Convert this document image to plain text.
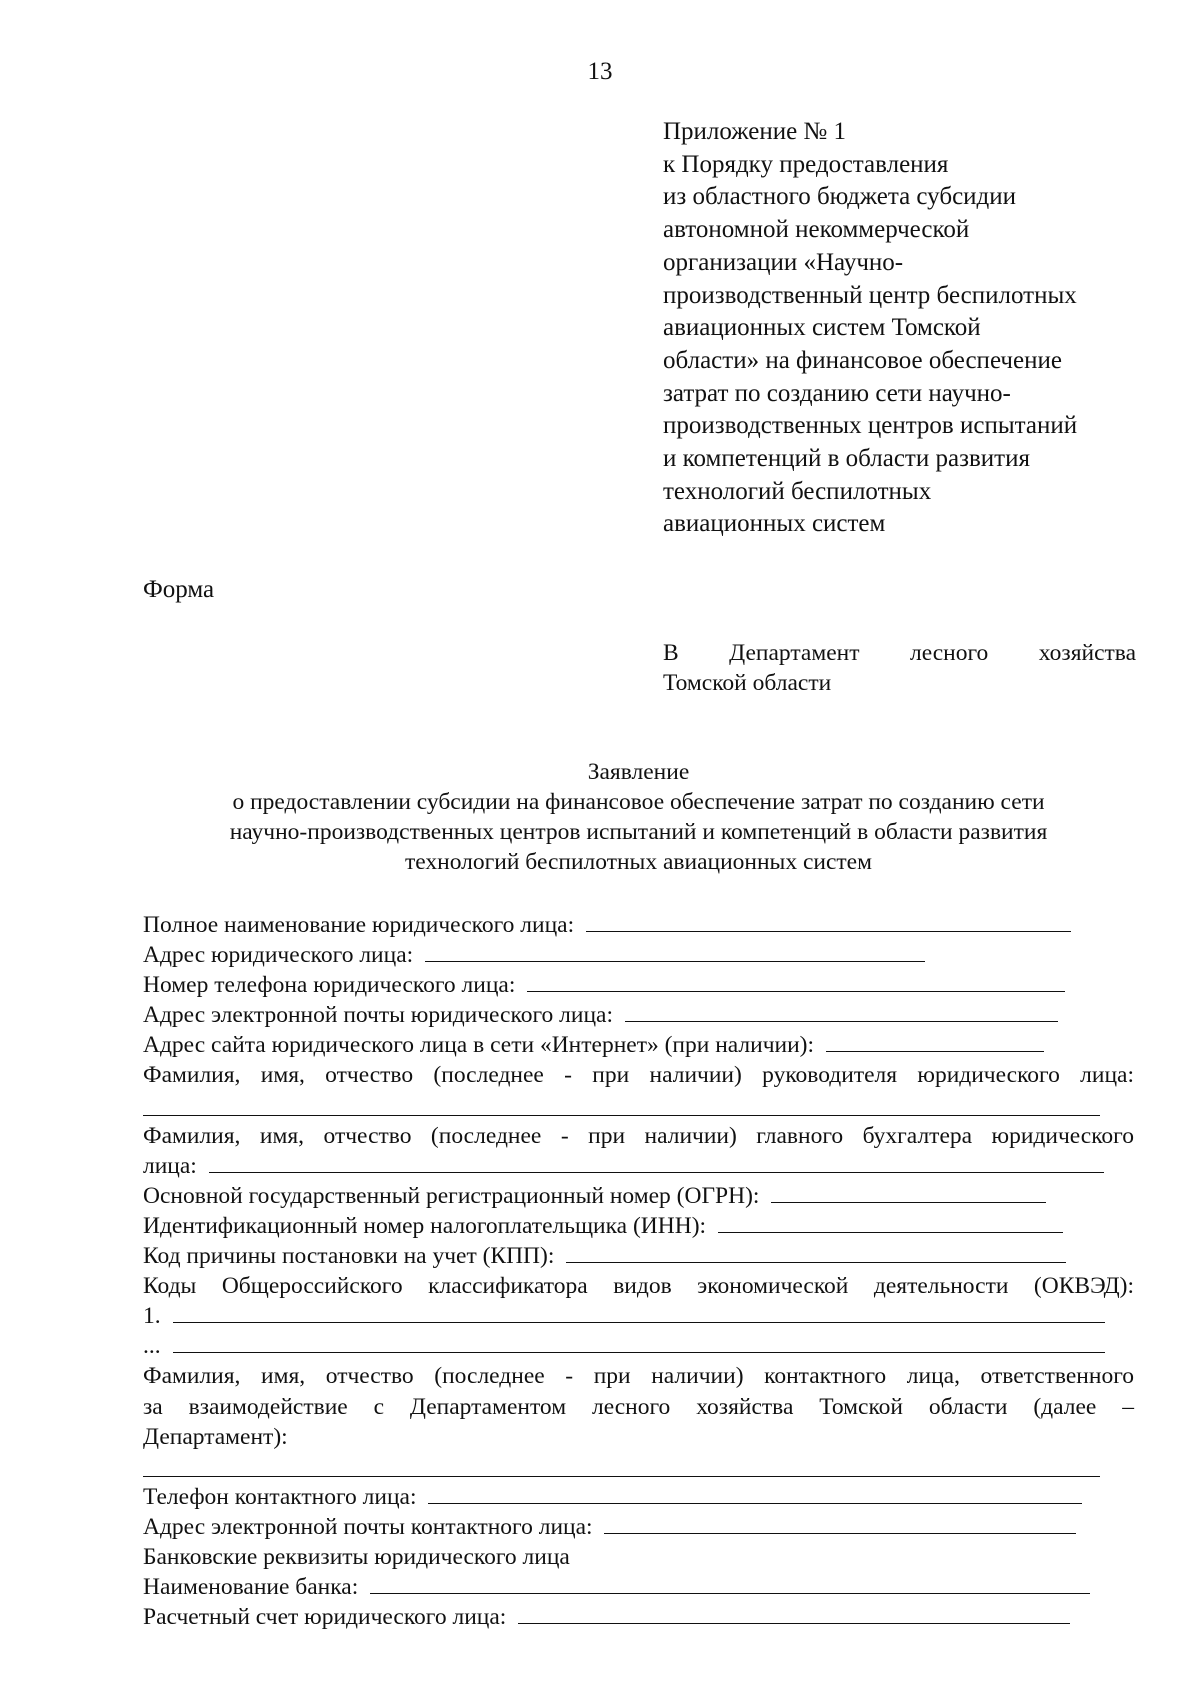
13
Приложение № 1
к Порядку предоставления
из областного бюджета субсидии
автономной некоммерческой
организации «Научно-
производственный центр беспилотных
авиационных систем Томской
области» на финансовое обеспечение
затрат по созданию сети научно-
производственных центров испытаний
и компетенций в области развития
технологий беспилотных
авиационных систем
Форма
В Департамент лесного хозяйства
Томской области
Заявление
о предоставлении субсидии на финансовое обеспечение затрат по созданию сети
научно-производственных центров испытаний и компетенций в области развития
технологий беспилотных авиационных систем
Полное наименование юридического лица:
Адрес юридического лица:
Номер телефона юридического лица:
Адрес электронной почты юридического лица:
Адрес сайта юридического лица в сети «Интернет» (при наличии):
Фамилия, имя, отчество (последнее - при наличии) руководителя юридического лица:
Фамилия, имя, отчество (последнее - при наличии) главного бухгалтера юридического
лица:
Основной государственный регистрационный номер (ОГРН):
Идентификационный номер налогоплательщика (ИНН):
Код причины постановки на учет (КПП):
Коды Общероссийского классификатора видов экономической деятельности (ОКВЭД):
1.
...
Фамилия, имя, отчество (последнее - при наличии) контактного лица, ответственного
за взаимодействие с Департаментом лесного хозяйства Томской области (далее –
Департамент):
Телефон контактного лица:
Адрес электронной почты контактного лица:
Банковские реквизиты юридического лица
Наименование банка:
Расчетный счет юридического лица:
